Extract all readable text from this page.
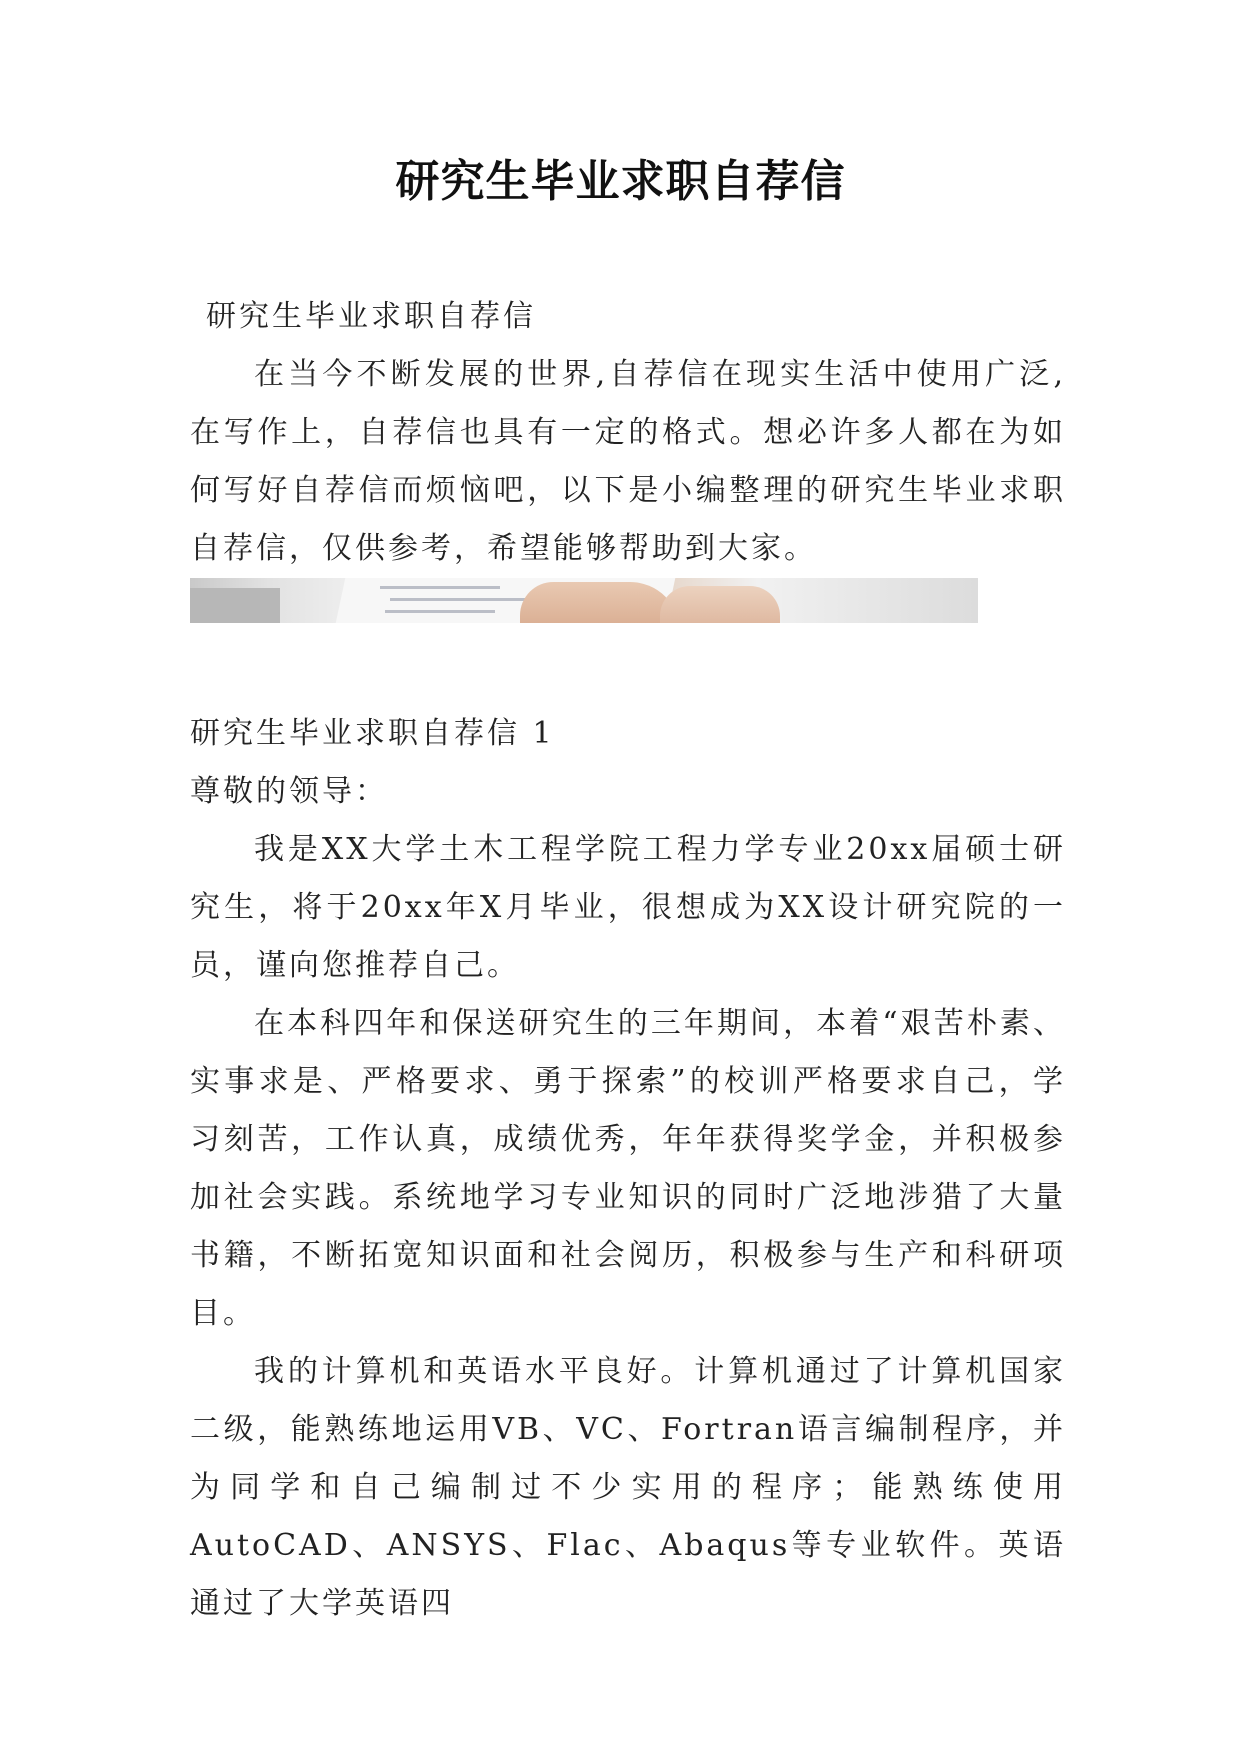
研究生毕业求职自荐信
研究生毕业求职自荐信
在当今不断发展的世界,自荐信在现实生活中使用广泛,在写作上，自荐信也具有一定的格式。想必许多人都在为如何写好自荐信而烦恼吧，以下是小编整理的研究生毕业求职自荐信，仅供参考，希望能够帮助到大家。
研究生毕业求职自荐信 1
尊敬的领导：

我是XX大学土木工程学院工程力学专业20xx届硕士研究生，将于20xx年X月毕业，很想成为XX设计研究院的一员，谨向您推荐自己。

在本科四年和保送研究生的三年期间，本着“艰苦朴素、实事求是、严格要求、勇于探索”的校训严格要求自己，学习刻苦，工作认真，成绩优秀，年年获得奖学金，并积极参加社会实践。系统地学习专业知识的同时广泛地涉猎了大量书籍，不断拓宽知识面和社会阅历，积极参与生产和科研项目。

我的计算机和英语水平良好。计算机通过了计算机国家二级，能熟练地运用VB、VC、Fortran语言编制程序，并为同学和自己编制过不少实用的程序；能熟练使用AutoCAD、ANSYS、Flac、Abaqus等专业软件。英语通过了大学英语四
